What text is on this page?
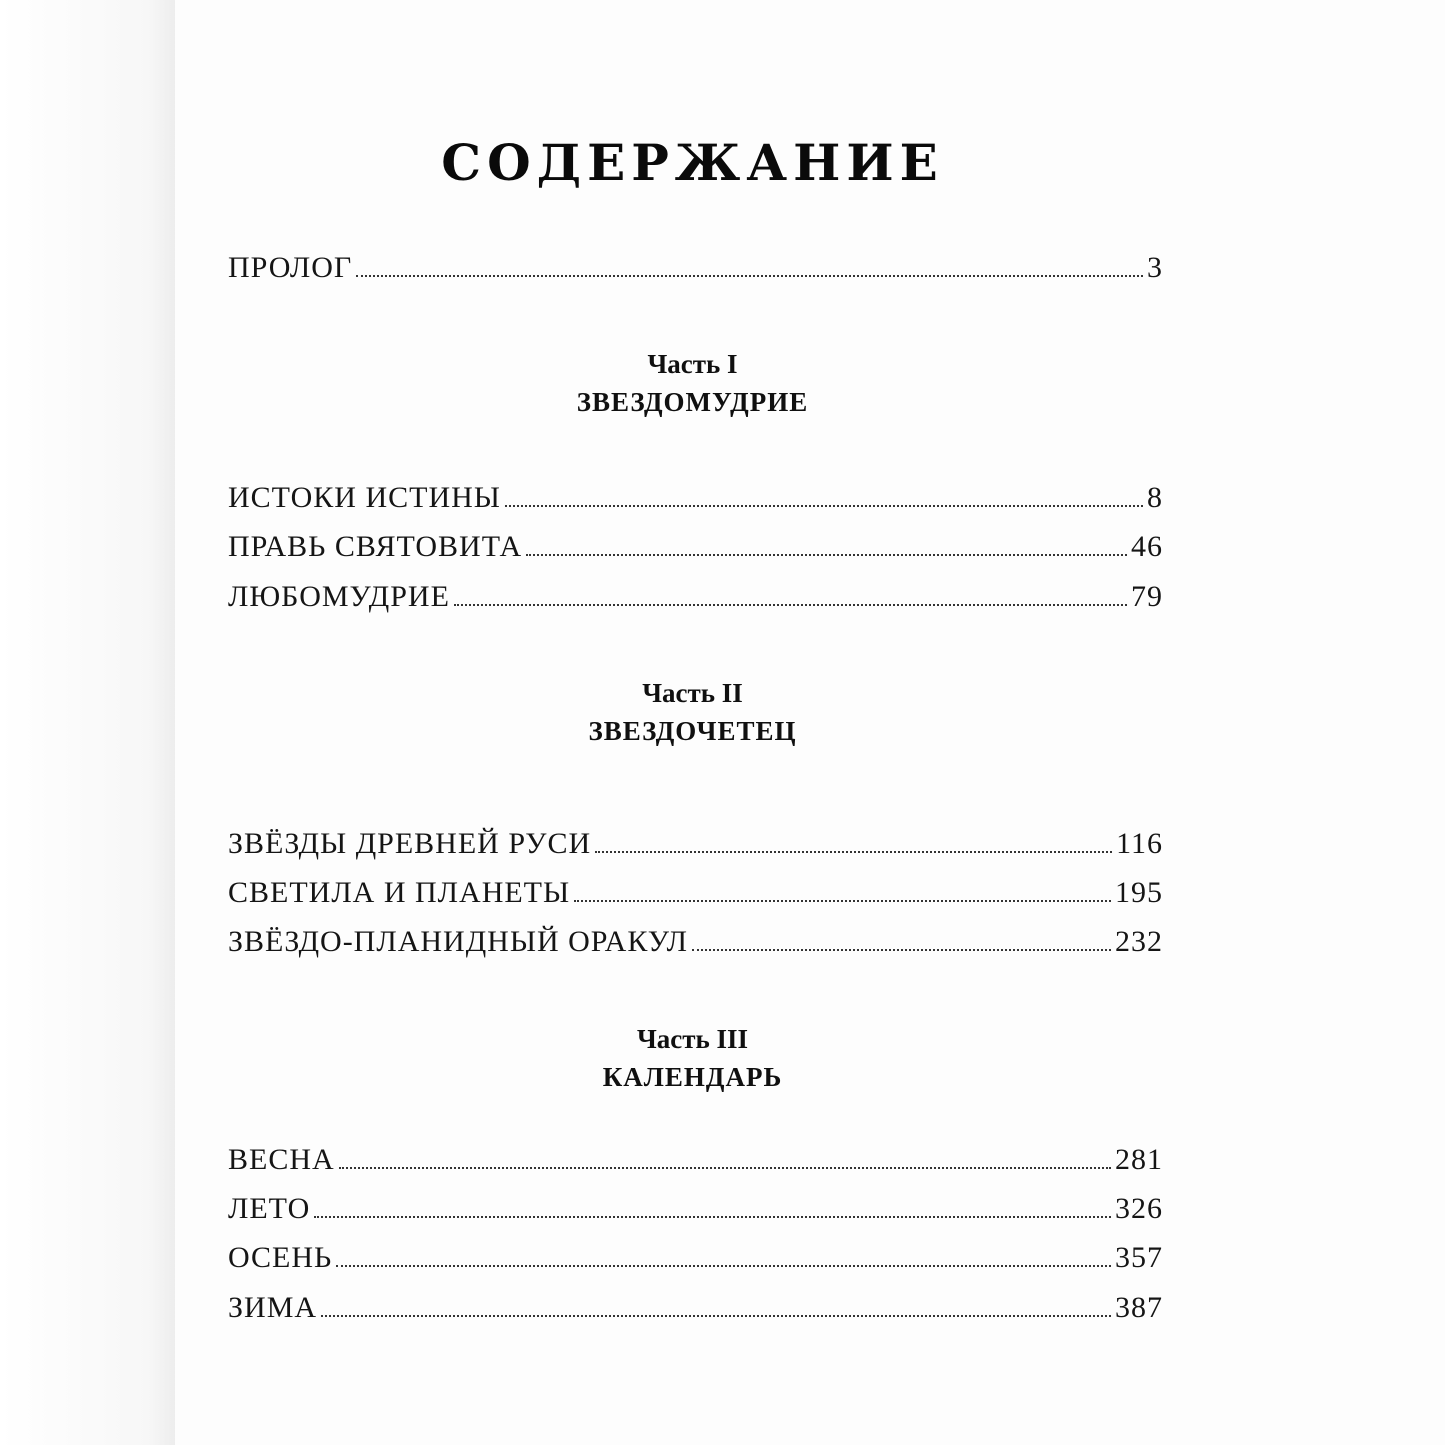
СОДЕРЖАНИЕ
ПРОЛОГ	3
Часть I
ЗВЕЗДОМУДРИЕ
ИСТОКИ ИСТИНЫ	8
ПРАВЬ СВЯТОВИТА	46
ЛЮБОМУДРИЕ	79
Часть II
ЗВЕЗДОЧЕТЕЦ
ЗВЁЗДЫ ДРЕВНЕЙ РУСИ	116
СВЕТИЛА И ПЛАНЕТЫ	195
ЗВЁЗДО-ПЛАНИДНЫЙ ОРАКУЛ	232
Часть III
КАЛЕНДАРЬ
ВЕСНА	281
ЛЕТО	326
ОСЕНЬ	357
ЗИМА	387
